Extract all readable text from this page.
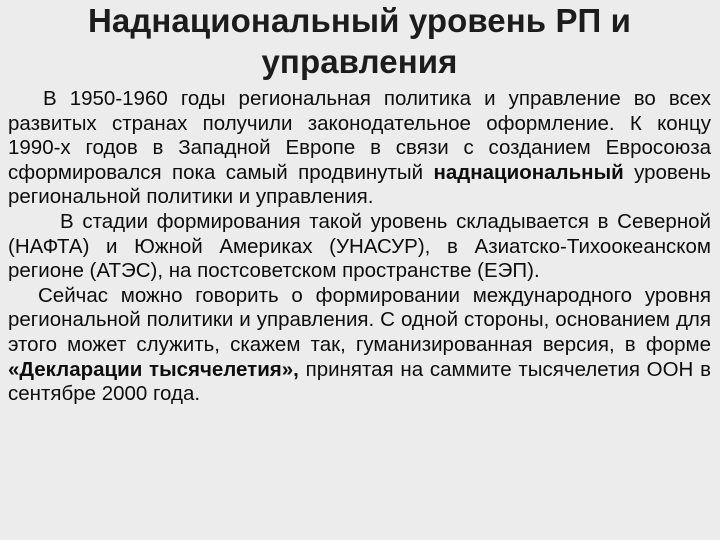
Наднациональный уровень РП и
управления

В 1950-1960 годы региональная политика и управление во всех развитых странах получили законодательное оформление. К концу 1990-х годов в Западной Европе в связи с созданием Евросоюза сформировался пока самый продвинутый наднациональный уровень региональной политики и управления.

В стадии формирования такой уровень складывается в Северной (НАФТА) и Южной Америках (УНАСУР), в Азиатско-Тихоокеанском регионе (АТЭС), на постсоветском пространстве (ЕЭП).

Сейчас можно говорить о формировании международного уровня региональной политики и управления. С одной стороны, основанием для этого может служить, скажем так, гуманизированная версия, в форме «Декларации тысячелетия», принятая на саммите тысячелетия ООН в сентябре 2000 года.
